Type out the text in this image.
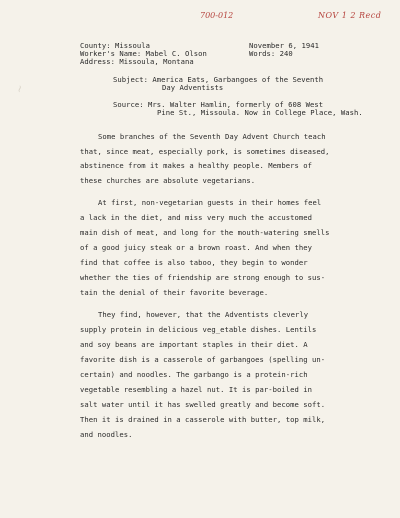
700-012	NOV 1 2 Recd
~
County: Missoula	November 6, 1941
Worker's Name: Mabel C. Olson	Words: 240
Address: Missoula, Montana
Subject: America Eats, Garbangoes of the Seventh
Day Adventists
Source: Mrs. Walter Hamlin, formerly of 608 West
Pine St., Missoula. Now in College Place, Wash.
Some branches of the Seventh Day Advent Church teach
that, since meat, especially pork, is sometimes diseased,
abstinence from it makes a healthy people. Members of
these churches are absolute vegetarians.
At first, non-vegetarian guests in their homes feel
a lack in the diet, and miss very much the accustomed
main dish of meat, and long for the mouth-watering smells
of a good juicy steak or a brown roast. And when they
find that coffee is also taboo, they begin to wonder
whether the ties of friendship are strong enough to sus-
tain the denial of their favorite beverage.
They find, however, that the Adventists cleverly
supply protein in delicious veg_etable dishes. Lentils
and soy beans are important staples in their diet. A
favorite dish is a casserole of garbangoes (spelling un-
certain) and noodles. The garbango is a protein-rich
vegetable resembling a hazel nut. It is par-boiled in
salt water until it has swelled greatly and become soft.
Then it is drained in a casserole with butter, top milk,
and noodles.
